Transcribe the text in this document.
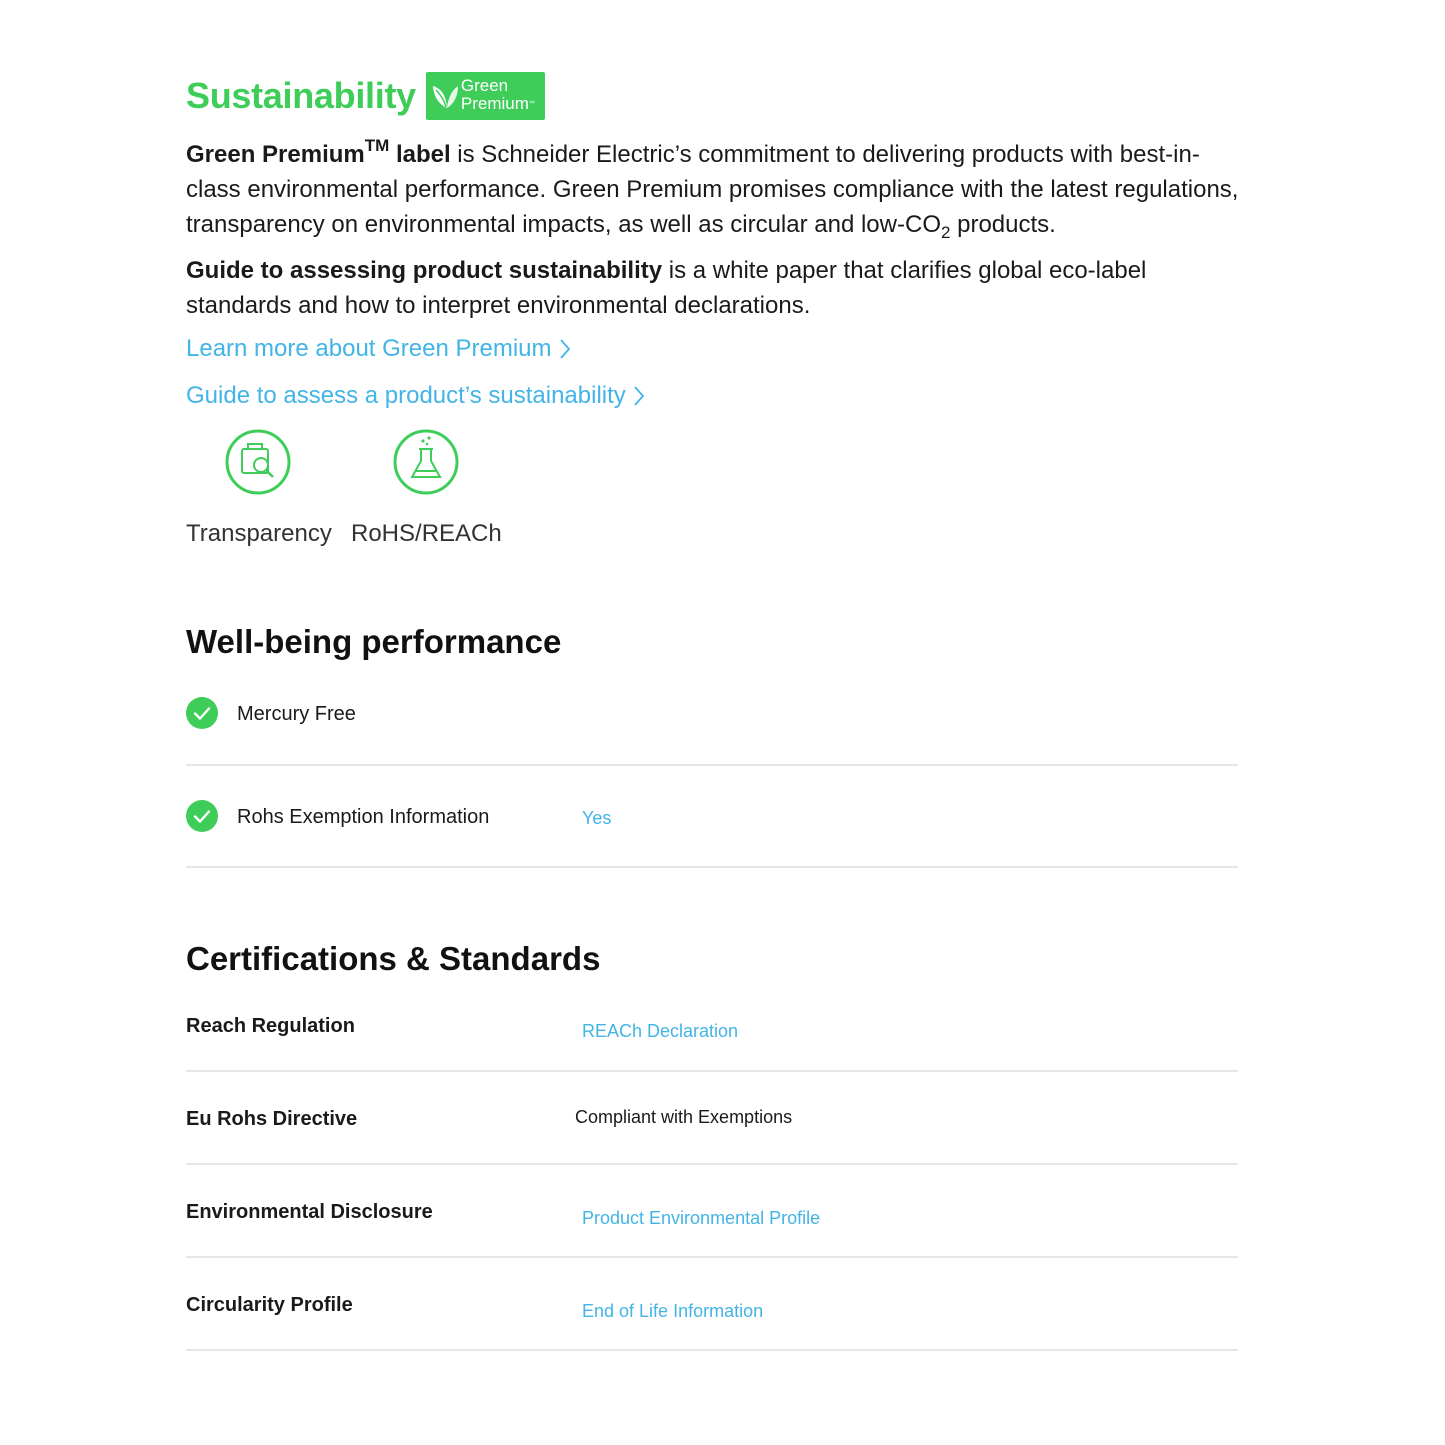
Sustainability	Green
Premium™
Green Premium™ label is Schneider Electric’s commitment to delivering products with best-in-class environmental performance. Green Premium promises compliance with the latest regulations, transparency on environmental impacts, as well as circular and low-$CO_2$ products.
Guide to assessing product sustainability is a white paper that clarifies global eco-label standards and how to interpret environmental declarations.
Learn more about Green Premium
Guide to assess a product’s sustainability
Transparency RoHS/REACh
Well-being performance
Mercury Free
Rohs Exemption Information	Yes
Certifications & Standards
Reach Regulation	REACh Declaration
Eu Rohs Directive	Compliant with Exemptions
Environmental Disclosure	Product Environmental Profile
Circularity Profile	End of Life Information
